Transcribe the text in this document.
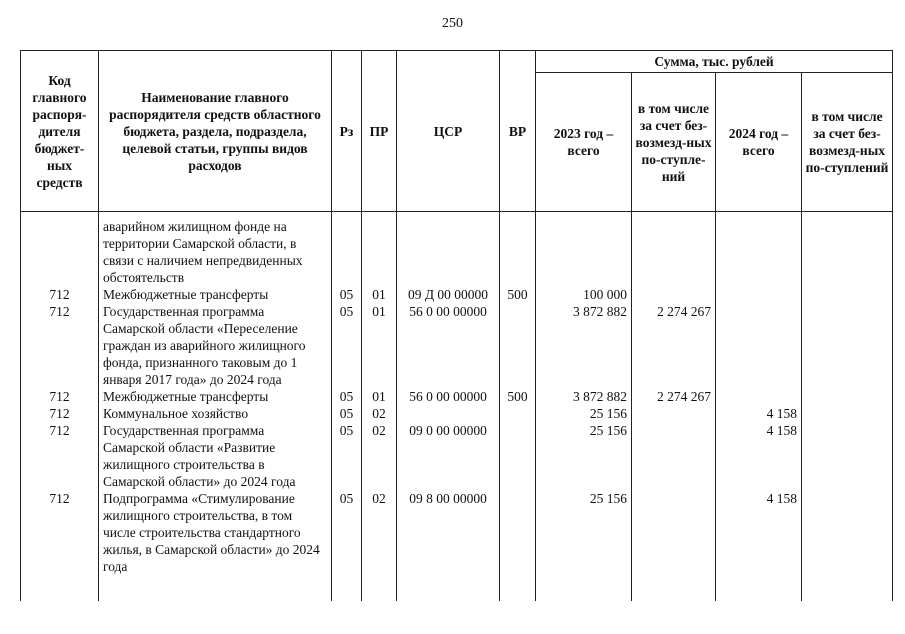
250
Код главного распоря-дителя бюджет-ных средств	Наименование главного распорядителя средств областного бюджета, раздела, подраздела, целевой статьи, группы видов расходов	Рз	ПР	ЦСР	ВР	Сумма, тыс. рублей			
						2023 год – всего	в том числе за счет без-возмезд-ных по-ступле-ний	2024 год – всего	в том числе за счет без-возмезд-ных по-ступлений

	аварийном жилищном фонде на территории Самарской области, в связи с наличием непредвиденных обстоятельств								
712	Межбюджетные трансферты	05	01	09 Д 00 00000	500	100 000			
712	Государственная программа Самарской области «Переселение граждан из аварийного жилищного фонда, признанного таковым до 1 января 2017 года» до 2024 года	05	01	56 0 00 00000		3 872 882	2 274 267		
712	Межбюджетные трансферты	05	01	56 0 00 00000	500	3 872 882	2 274 267		
712	Коммунальное хозяйство	05	02			25 156		4 158	
712	Государственная программа Самарской области «Развитие жилищного строительства в Самарской области» до 2024 года	05	02	09 0 00 00000		25 156		4 158	
712	Подпрограмма «Стимулирование жилищного строительства, в том числе строительства стандартного жилья, в Самарской области» до 2024 года	05	02	09 8 00 00000		25 156		4 158	
